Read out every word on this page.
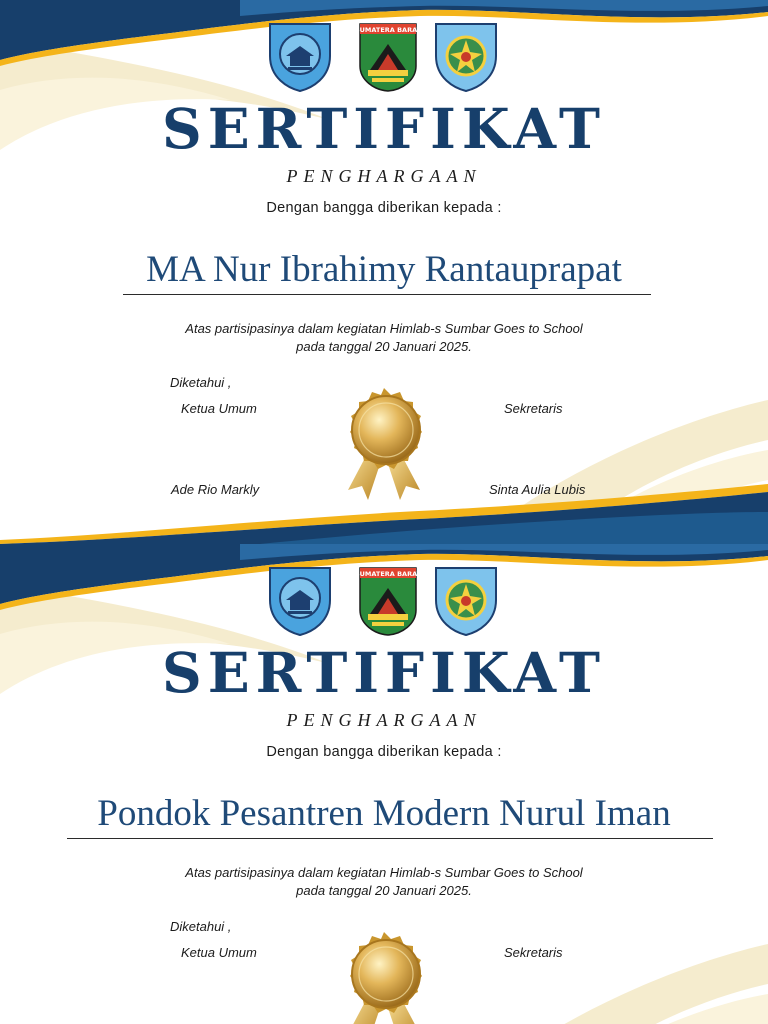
SUMATERA BARAT
SERTIFIKAT
PENGHARGAAN
Dengan bangga diberikan kepada :
MA Nur Ibrahimy Rantauprapat
Atas partisipasinya dalam kegiatan Himlab-s Sumbar Goes to School
pada tanggal 20 Januari 2025.
Diketahui ,
Ketua Umum	Sekretaris
Ade Rio Markly	Sinta Aulia Lubis
SUMATERA BARAT
SERTIFIKAT
PENGHARGAAN
Dengan bangga diberikan kepada :
Pondok Pesantren Modern Nurul Iman
Atas partisipasinya dalam kegiatan Himlab-s Sumbar Goes to School
pada tanggal 20 Januari 2025.
Diketahui ,
Ketua Umum	Sekretaris
